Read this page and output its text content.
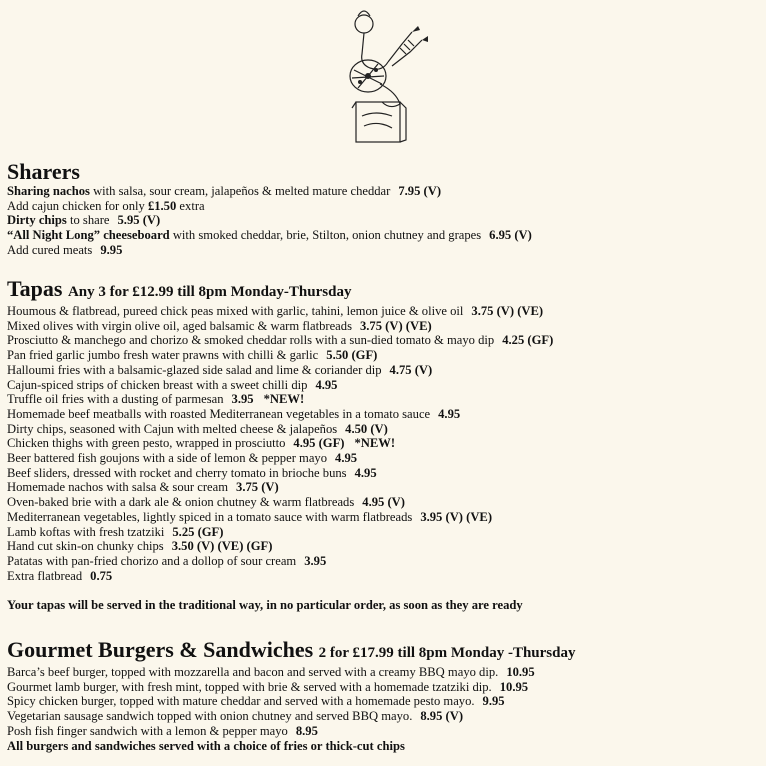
Sharers
Sharing nachos with salsa, sour cream, jalapeños & melted mature cheddar 7.95 (V)
Add cajun chicken for only £1.50 extra
Dirty chips to share 5.95 (V)
“All Night Long” cheeseboard with smoked cheddar, brie, Stilton, onion chutney and grapes 6.95 (V)
Add cured meats 9.95
Tapas Any 3 for £12.99 till 8pm Monday-Thursday
Houmous & flatbread, pureed chick peas mixed with garlic, tahini, lemon juice & olive oil 3.75 (V) (VE)
Mixed olives with virgin olive oil, aged balsamic & warm flatbreads 3.75 (V) (VE)
Prosciutto & manchego and chorizo & smoked cheddar rolls with a sun-died tomato & mayo dip 4.25 (GF)
Pan fried garlic jumbo fresh water prawns with chilli & garlic 5.50 (GF)
Halloumi fries with a balsamic-glazed side salad and lime & coriander dip 4.75 (V)
Cajun-spiced strips of chicken breast with a sweet chilli dip 4.95
Truffle oil fries with a dusting of parmesan 3.95 *NEW!
Homemade beef meatballs with roasted Mediterranean vegetables in a tomato sauce 4.95
Dirty chips, seasoned with Cajun with melted cheese & jalapeños 4.50 (V)
Chicken thighs with green pesto, wrapped in prosciutto 4.95 (GF) *NEW!
Beer battered fish goujons with a side of lemon & pepper mayo 4.95
Beef sliders, dressed with rocket and cherry tomato in brioche buns 4.95
Homemade nachos with salsa & sour cream 3.75 (V)
Oven-baked brie with a dark ale & onion chutney & warm flatbreads 4.95 (V)
Mediterranean vegetables, lightly spiced in a tomato sauce with warm flatbreads 3.95 (V) (VE)
Lamb koftas with fresh tzatziki 5.25 (GF)
Hand cut skin-on chunky chips 3.50 (V) (VE) (GF)
Patatas with pan-fried chorizo and a dollop of sour cream 3.95
Extra flatbread 0.75
Your tapas will be served in the traditional way, in no particular order, as soon as they are ready
Gourmet Burgers & Sandwiches 2 for £17.99 till 8pm Monday -Thursday
Barca’s beef burger, topped with mozzarella and bacon and served with a creamy BBQ mayo dip. 10.95
Gourmet lamb burger, with fresh mint, topped with brie & served with a homemade tzatziki dip. 10.95
Spicy chicken burger, topped with mature cheddar and served with a homemade pesto mayo. 9.95
Vegetarian sausage sandwich topped with onion chutney and served BBQ mayo. 8.95 (V)
Posh fish finger sandwich with a lemon & pepper mayo 8.95
All burgers and sandwiches served with a choice of fries or thick-cut chips
